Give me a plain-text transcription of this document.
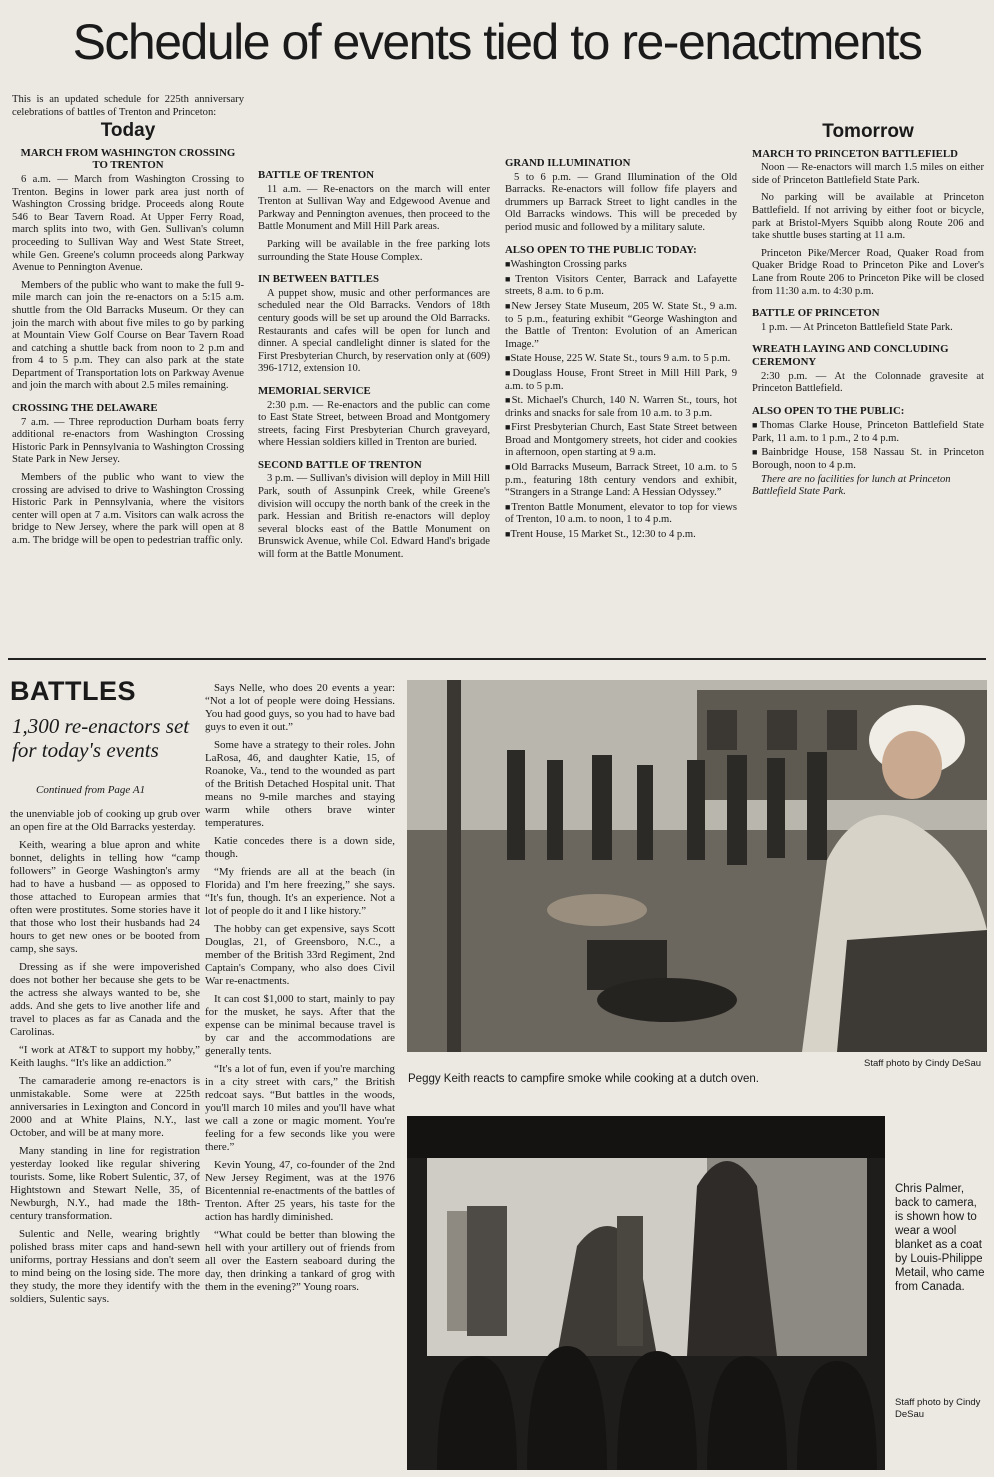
Schedule of events tied to re-enactments

This is an updated schedule for 225th anniversary celebrations of battles of Trenton and Princeton:

Today
MARCH FROM WASHINGTON CROSSING TO TRENTON

6 a.m. — March from Washington Crossing to Trenton. Begins in lower park area just north of Washington Crossing bridge. Proceeds along Route 546 to Bear Tavern Road. At Upper Ferry Road, march splits into two, with Gen. Sullivan's column proceeding to Sullivan Way and West State Street, while Gen. Greene's column proceeds along Parkway Avenue to Pennington Avenue.

Members of the public who want to make the full 9-mile march can join the re-enactors on a 5:15 a.m. shuttle from the Old Barracks Museum. Or they can join the march with about five miles to go by parking at Mountain View Golf Course on Bear Tavern Road and catching a shuttle back from noon to 2 p.m and from 4 to 5 p.m. They can also park at the state Department of Transportation lots on Parkway Avenue and join the march with about 2.5 miles remaining.

CROSSING THE DELAWARE

7 a.m. — Three reproduction Durham boats ferry additional re-enactors from Washington Crossing Historic Park in Pennsylvania to Washington Crossing State Park in New Jersey.

Members of the public who want to view the crossing are advised to drive to Washington Crossing Historic Park in Pennsylvania, where the visitors center will open at 7 a.m. Visitors can walk across the bridge to New Jersey, where the park will open at 8 a.m. The bridge will be open to pedestrian traffic only.

BATTLE OF TRENTON

11 a.m. — Re-enactors on the march will enter Trenton at Sullivan Way and Edgewood Avenue and Parkway and Pennington avenues, then proceed to the Battle Monument and Mill Hill Park areas.

Parking will be available in the free parking lots surrounding the State House Complex.

IN BETWEEN BATTLES

A puppet show, music and other performances are scheduled near the Old Barracks. Vendors of 18th century goods will be set up around the Old Barracks. Restaurants and cafes will be open for lunch and dinner. A special candlelight dinner is slated for the First Presbyterian Church, by reservation only at (609) 396-1712, extension 10.

MEMORIAL SERVICE

2:30 p.m. — Re-enactors and the public can come to East State Street, between Broad and Montgomery streets, facing First Presbyterian Church graveyard, where Hessian soldiers killed in Trenton are buried.

SECOND BATTLE OF TRENTON

3 p.m. — Sullivan's division will deploy in Mill Hill Park, south of Assunpink Creek, while Greene's division will occupy the north bank of the creek in the park. Hessian and British re-enactors will deploy several blocks east of the Battle Monument on Brunswick Avenue, while Col. Edward Hand's brigade will form at the Battle Monument.

GRAND ILLUMINATION

5 to 6 p.m. — Grand Illumination of the Old Barracks. Re-enactors will follow fife players and drummers up Barrack Street to light candles in the Old Barracks windows. This will be preceded by period music and followed by a military salute.

ALSO OPEN TO THE PUBLIC TODAY:
■ Washington Crossing parks
■ Trenton Visitors Center, Barrack and Lafayette streets, 8 a.m. to 6 p.m.
■ New Jersey State Museum, 205 W. State St., 9 a.m. to 5 p.m., featuring exhibit “George Washington and the Battle of Trenton: Evolution of an American Image.”
■ State House, 225 W. State St., tours 9 a.m. to 5 p.m.
■ Douglass House, Front Street in Mill Hill Park, 9 a.m. to 5 p.m.
■ St. Michael's Church, 140 N. Warren St., tours, hot drinks and snacks for sale from 10 a.m. to 3 p.m.
■ First Presbyterian Church, East State Street between Broad and Montgomery streets, hot cider and cookies in afternoon, open starting at 9 a.m.
■ Old Barracks Museum, Barrack Street, 10 a.m. to 5 p.m., featuring 18th century vendors and exhibit, “Strangers in a Strange Land: A Hessian Odyssey.”
■ Trenton Battle Monument, elevator to top for views of Trenton, 10 a.m. to noon, 1 to 4 p.m.
■ Trent House, 15 Market St., 12:30 to 4 p.m.
Tomorrow
MARCH TO PRINCETON BATTLEFIELD

Noon — Re-enactors will march 1.5 miles on either side of Princeton Battlefield State Park.

No parking will be available at Princeton Battlefield. If not arriving by either foot or bicycle, park at Bristol-Myers Squibb along Route 206 and take shuttle buses starting at 11 a.m.

Princeton Pike/Mercer Road, Quaker Road from Quaker Bridge Road to Princeton Pike and Lover's Lane from Route 206 to Princeton Pike will be closed from 11:30 a.m. to 4:30 p.m.

BATTLE OF PRINCETON

1 p.m. — At Princeton Battlefield State Park.

WREATH LAYING AND CONCLUDING CEREMONY

2:30 p.m. — At the Colonnade gravesite at Princeton Battlefield.

ALSO OPEN TO THE PUBLIC:
■ Thomas Clarke House, Princeton Battlefield State Park, 11 a.m. to 1 p.m., 2 to 4 p.m.
■ Bainbridge House, 158 Nassau St. in Princeton Borough, noon to 4 p.m.

There are no facilities for lunch at Princeton Battlefield State Park.

BATTLES
1,300 re-enactors set for today's events
Continued from Page A1

the unenviable job of cooking up grub over an open fire at the Old Barracks yesterday.

Keith, wearing a blue apron and white bonnet, delights in telling how “camp followers” in George Washington's army had to have a husband — as opposed to those attached to European armies that often were prostitutes. Some stories have it that those who lost their husbands had 24 hours to get new ones or be booted from camp, she says.

Dressing as if she were impoverished does not bother her because she gets to be the actress she always wanted to be, she adds. And she gets to live another life and travel to places as far as Canada and the Carolinas.

“I work at AT&T to support my hobby,” Keith laughs. “It's like an addiction.”

The camaraderie among re-enactors is unmistakable. Some were at 225th anniversaries in Lexington and Concord in 2000 and at White Plains, N.Y., last October, and will be at many more.

Many standing in line for registration yesterday looked like regular shivering tourists. Some, like Robert Sulentic, 37, of Hightstown and Stewart Nelle, 35, of Newburgh, N.Y., had made the 18th-century transformation.

Sulentic and Nelle, wearing brightly polished brass miter caps and hand-sewn uniforms, portray Hessians and don't seem to mind being on the losing side. The more they study, the more they identify with the soldiers, Sulentic says.

Says Nelle, who does 20 events a year: “Not a lot of people were doing Hessians. You had good guys, so you had to have bad guys to even it out.”

Some have a strategy to their roles. John LaRosa, 46, and daughter Katie, 15, of Roanoke, Va., tend to the wounded as part of the British Detached Hospital unit. That means no 9-mile marches and staying warm while others brave winter temperatures.

Katie concedes there is a down side, though.

“My friends are all at the beach (in Florida) and I'm here freezing,” she says. “It's fun, though. It's an experience. Not a lot of people do it and I like history.”

The hobby can get expensive, says Scott Douglas, 21, of Greensboro, N.C., a member of the British 33rd Regiment, 2nd Captain's Company, who also does Civil War re-enactments.

It can cost $1,000 to start, mainly to pay for the musket, he says. After that the expense can be minimal because travel is by car and the accommodations are generally tents.

“It's a lot of fun, even if you're marching in a city street with cars,” the British redcoat says. “But battles in the woods, you'll march 10 miles and you'll have what we call a zone or magic moment. You're feeling for a few seconds like you were there.”

Kevin Young, 47, co-founder of the 2nd New Jersey Regiment, was at the 1976 Bicentennial re-enactments of the battles of Trenton. After 25 years, his taste for the action has hardly diminished.

“What could be better than blowing the hell with your artillery out of friends from all over the Eastern seaboard during the day, then drinking a tankard of grog with them in the evening?” Young roars.

Staff photo by Cindy DeSau
Peggy Keith reacts to campfire smoke while cooking at a dutch oven.
Chris Palmer, back to camera, is shown how to wear a wool blanket as a coat by Louis-Philippe Metail, who came from Canada.
Staff photo by Cindy DeSau
